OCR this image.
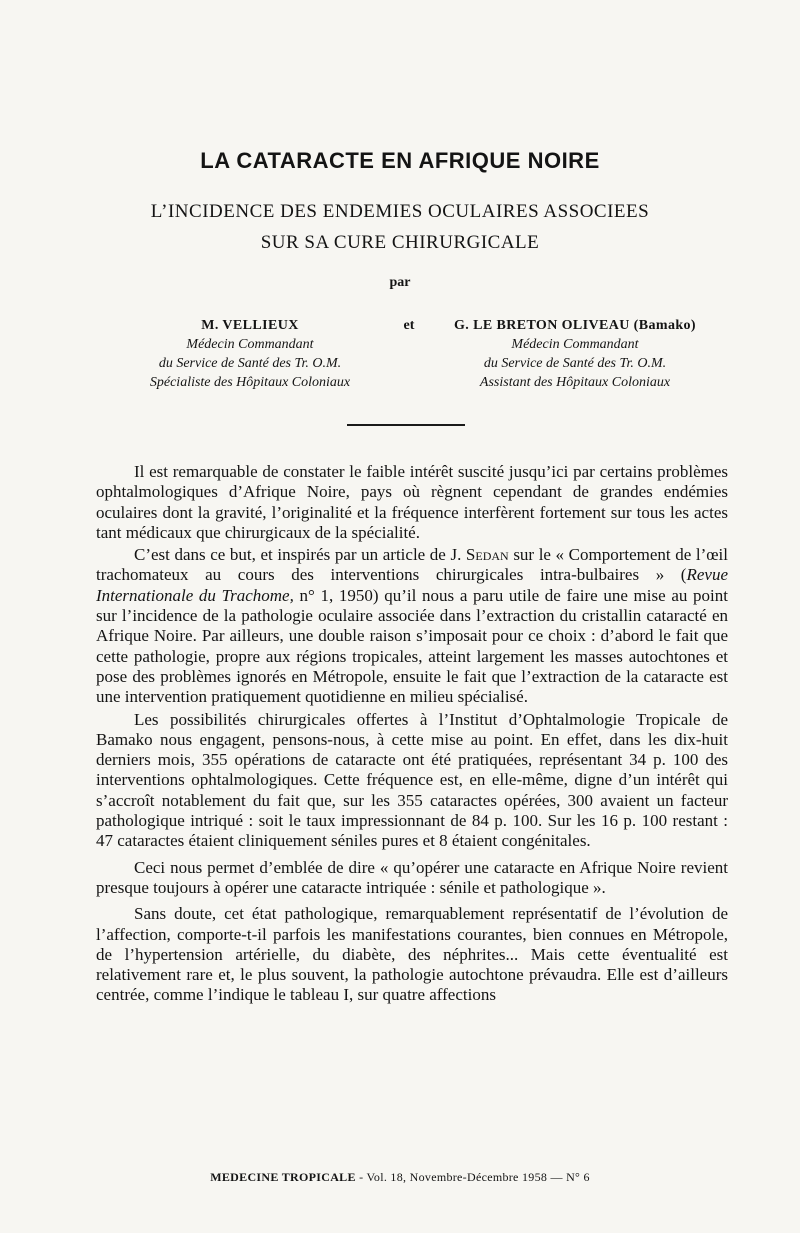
LA CATARACTE EN AFRIQUE NOIRE
L’INCIDENCE DES ENDEMIES OCULAIRES ASSOCIEES
SUR SA CURE CHIRURGICALE
par
M. VELLIEUX
Médecin Commandant
du Service de Santé des Tr. O.M.
Spécialiste des Hôpitaux Coloniaux
et	G. LE BRETON OLIVEAU (Bamako)
Médecin Commandant
du Service de Santé des Tr. O.M.
Assistant des Hôpitaux Coloniaux

Il est remarquable de constater le faible intérêt suscité jusqu’ici par certains problèmes ophtalmologiques d’Afrique Noire, pays où règnent cependant de grandes endémies oculaires dont la gravité, l’originalité et la fréquence interfèrent fortement sur tous les actes tant médicaux que chirurgicaux de la spécialité.

C’est dans ce but, et inspirés par un article de J. Sedan sur le « Comportement de l’œil trachomateux au cours des interventions chirurgicales intra-bulbaires » (Revue Internationale du Trachome, n° 1, 1950) qu’il nous a paru utile de faire une mise au point sur l’incidence de la pathologie oculaire associée dans l’extraction du cristallin cataracté en Afrique Noire. Par ailleurs, une double raison s’imposait pour ce choix : d’abord le fait que cette pathologie, propre aux régions tropicales, atteint largement les masses autochtones et pose des problèmes ignorés en Métropole, ensuite le fait que l’extraction de la cataracte est une intervention pratiquement quotidienne en milieu spécialisé.

Les possibilités chirurgicales offertes à l’Institut d’Ophtalmologie Tropicale de Bamako nous engagent, pensons-nous, à cette mise au point. En effet, dans les dix-huit derniers mois, 355 opérations de cataracte ont été pratiquées, représentant 34 p. 100 des interventions ophtalmologiques. Cette fréquence est, en elle-même, digne d’un intérêt qui s’accroît notablement du fait que, sur les 355 cataractes opérées, 300 avaient un facteur pathologique intriqué : soit le taux impressionnant de 84 p. 100. Sur les 16 p. 100 restant : 47 cataractes étaient cliniquement séniles pures et 8 étaient congénitales.

Ceci nous permet d’emblée de dire « qu’opérer une cataracte en Afrique Noire revient presque toujours à opérer une cataracte intriquée : sénile et pathologique ».

Sans doute, cet état pathologique, remarquablement représentatif de l’évolution de l’affection, comporte-t-il parfois les manifestations courantes, bien connues en Métropole, de l’hypertension artérielle, du diabète, des néphrites... Mais cette éventualité est relativement rare et, le plus souvent, la pathologie autochtone prévaudra. Elle est d’ailleurs centrée, comme l’indique le tableau I, sur quatre affections

MEDECINE TROPICALE - Vol. 18, Novembre-Décembre 1958 — N° 6
